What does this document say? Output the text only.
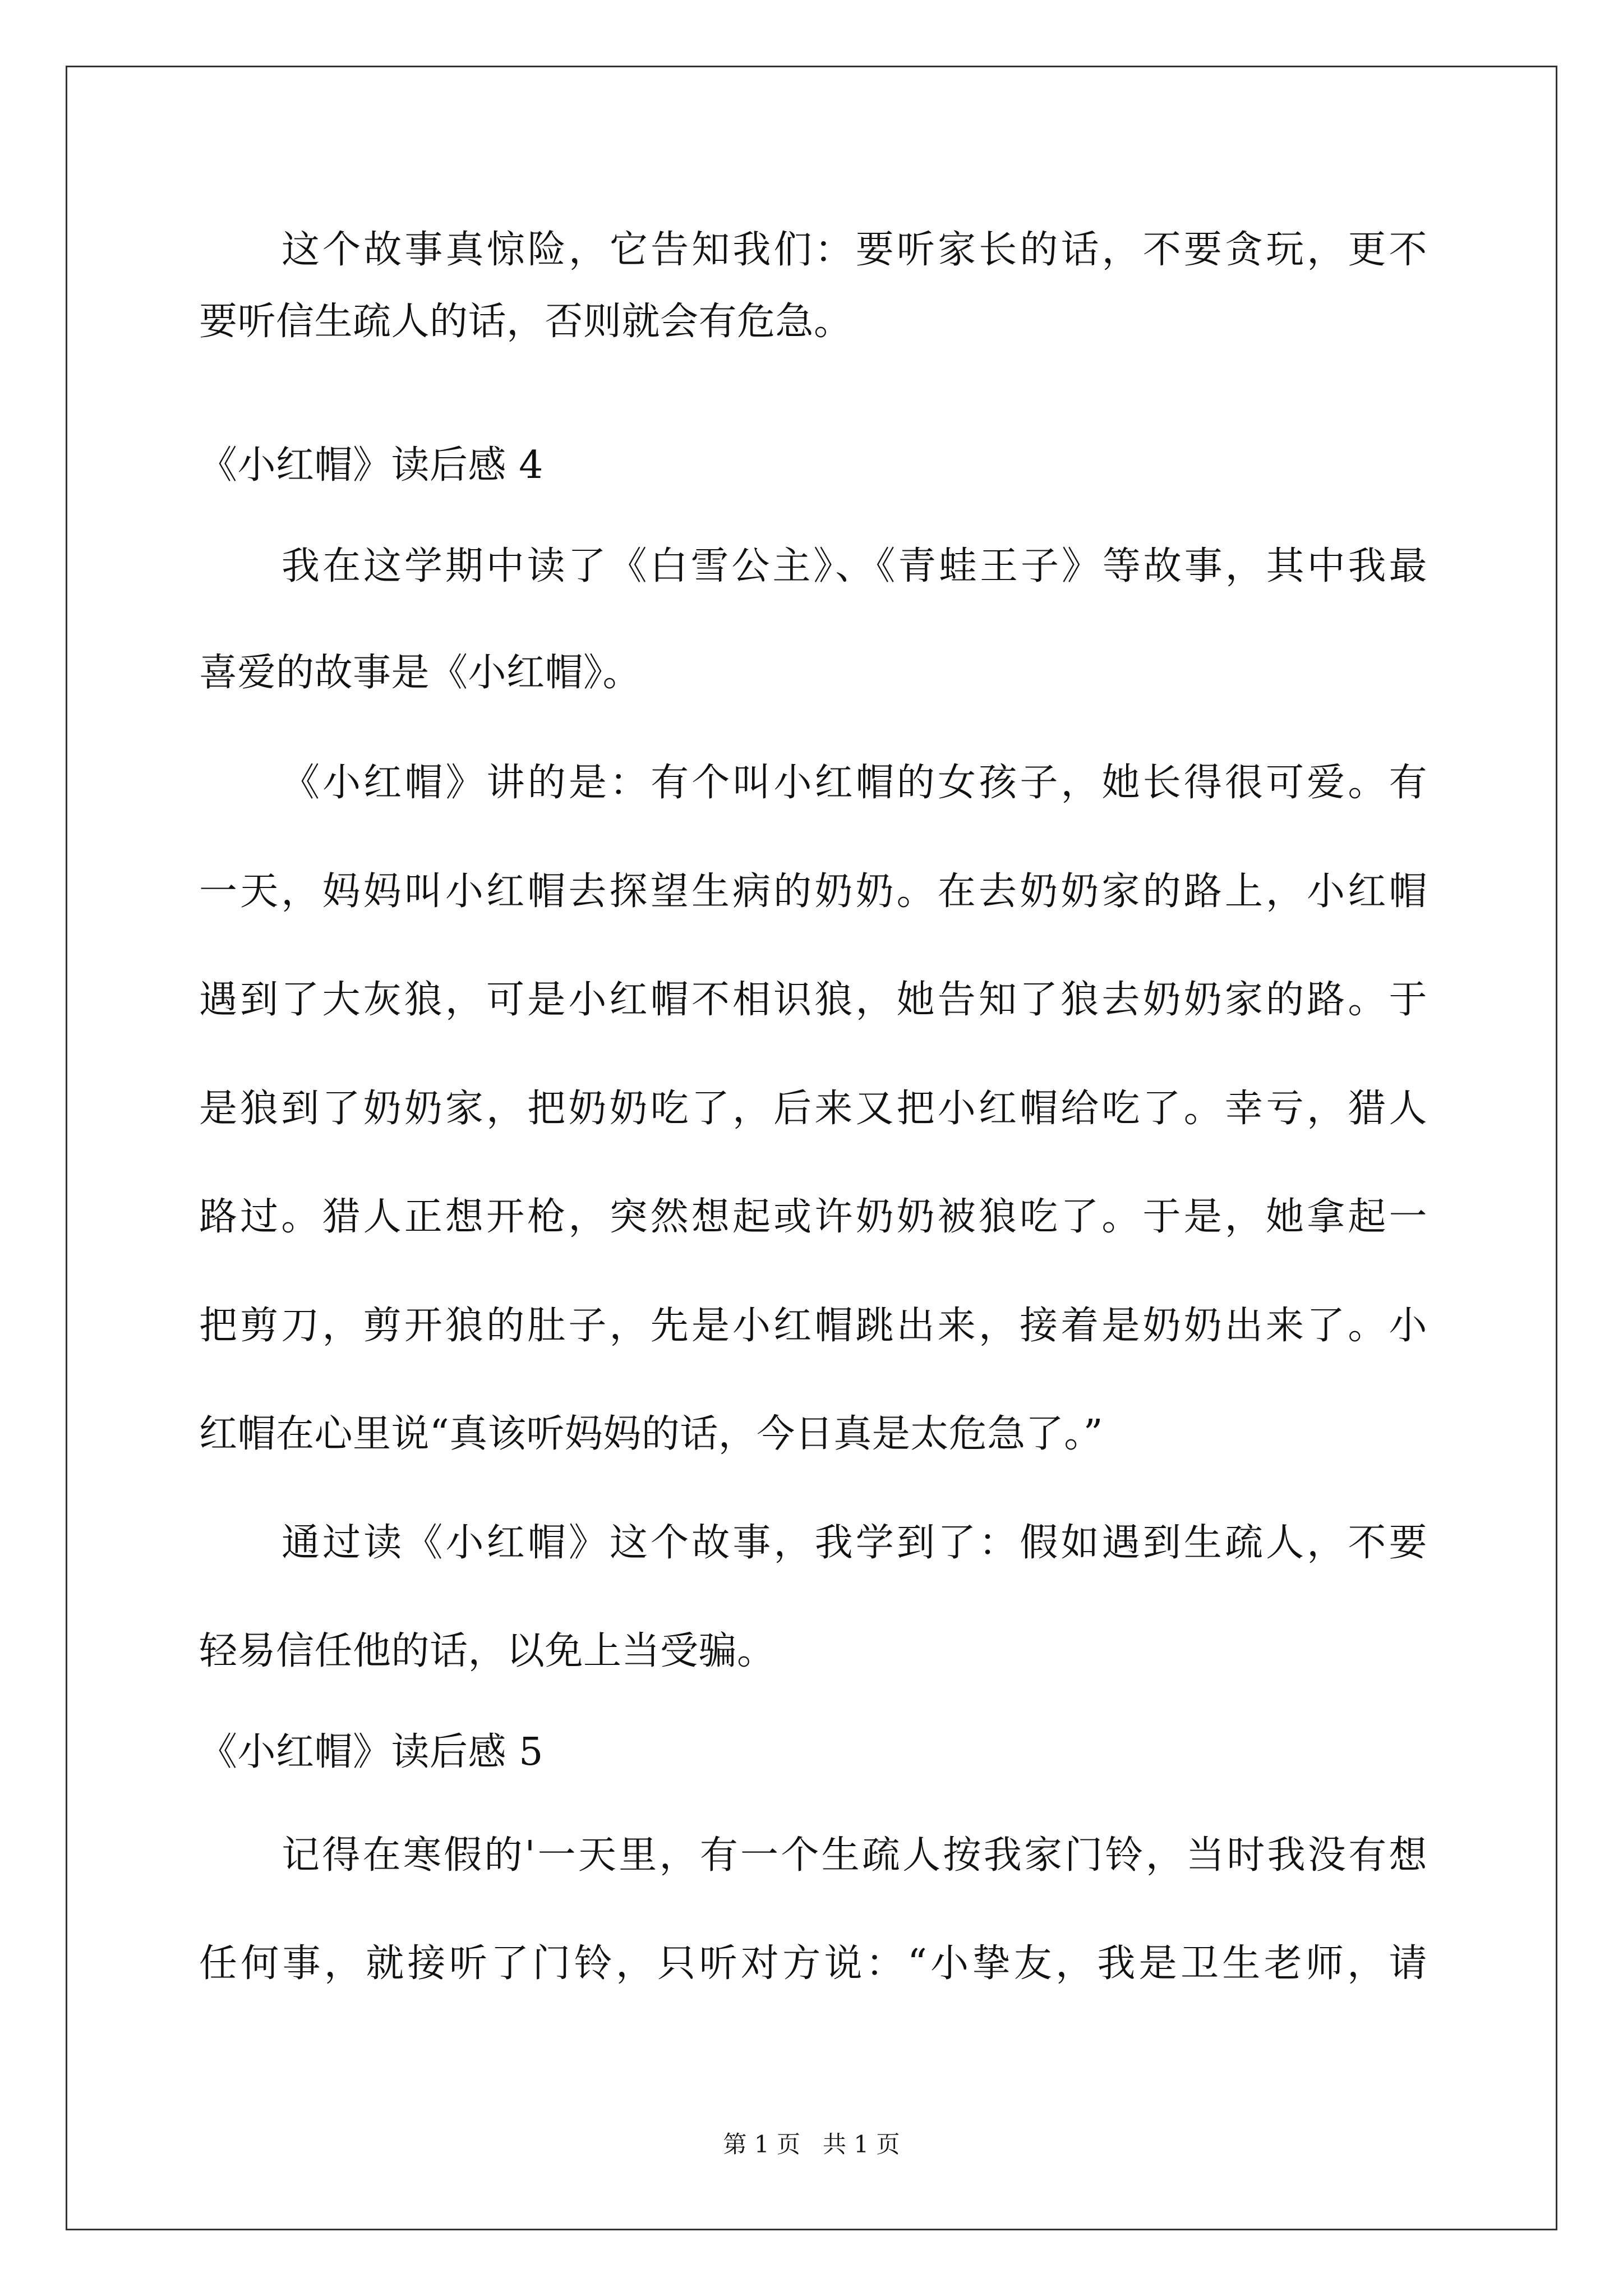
这个故事真惊险，它告知我们：要听家长的话，不要贪玩，更不

要听信生疏人的话，否则就会有危急。

《小红帽》读后感 4

我在这学期中读了《白雪公主》、《青蛙王子》等故事，其中我最

喜爱的故事是《小红帽》。

《小红帽》讲的是：有个叫小红帽的女孩子，她长得很可爱。有

一天，妈妈叫小红帽去探望生病的奶奶。在去奶奶家的路上，小红帽

遇到了大灰狼，可是小红帽不相识狼，她告知了狼去奶奶家的路。于

是狼到了奶奶家，把奶奶吃了，后来又把小红帽给吃了。幸亏，猎人

路过。猎人正想开枪，突然想起或许奶奶被狼吃了。于是，她拿起一

把剪刀，剪开狼的肚子，先是小红帽跳出来，接着是奶奶出来了。小

红帽在心里说“真该听妈妈的话，今日真是太危急了。”

通过读《小红帽》这个故事，我学到了：假如遇到生疏人，不要

轻易信任他的话，以免上当受骗。

《小红帽》读后感 5

记得在寒假的'一天里，有一个生疏人按我家门铃，当时我没有想

任何事，就接听了门铃，只听对方说：“小挚友，我是卫生老师，请

第 1 页   共 1 页
